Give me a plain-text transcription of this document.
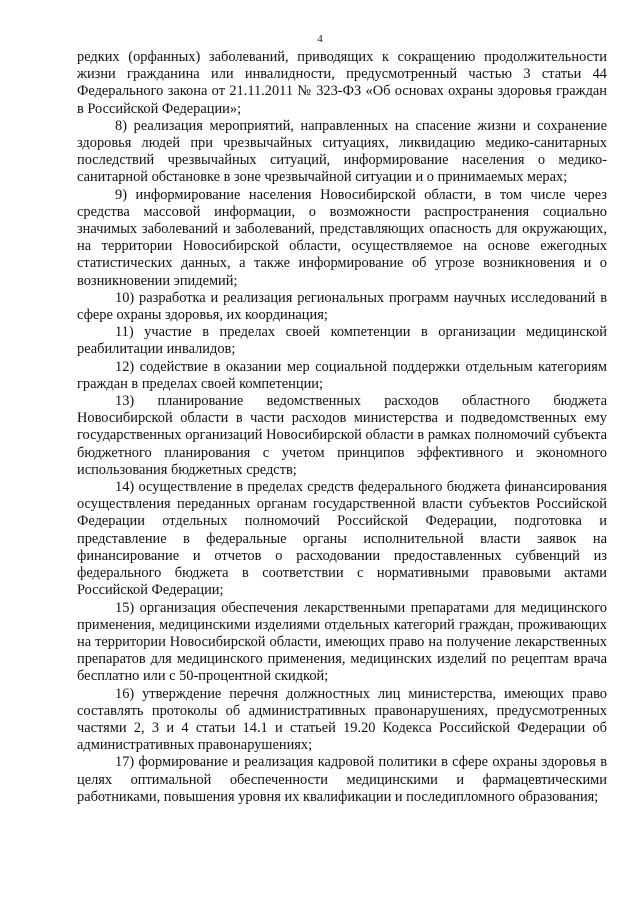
4

редких (орфанных) заболеваний, приводящих к сокращению продолжительности жизни гражданина или инвалидности, предусмотренный частью 3 статьи 44 Федерального закона от 21.11.2011 № 323-ФЗ «Об основах охраны здоровья граждан в Российской Федерации»;

8) реализация мероприятий, направленных на спасение жизни и сохранение здоровья людей при чрезвычайных ситуациях, ликвидацию медико-санитарных последствий чрезвычайных ситуаций, информирование населения о медико-санитарной обстановке в зоне чрезвычайной ситуации и о принимаемых мерах;

9) информирование населения Новосибирской области, в том числе через средства массовой информации, о возможности распространения социально значимых заболеваний и заболеваний, представляющих опасность для окружающих, на территории Новосибирской области, осуществляемое на основе ежегодных статистических данных, а также информирование об угрозе возникновения и о возникновении эпидемий;

10) разработка и реализация региональных программ научных исследований в сфере охраны здоровья, их координация;

11) участие в пределах своей компетенции в организации медицинской реабилитации инвалидов;

12) содействие в оказании мер социальной поддержки отдельным категориям граждан в пределах своей компетенции;

13) планирование ведомственных расходов областного бюджета Новосибирской области в части расходов министерства и подведомственных ему государственных организаций Новосибирской области в рамках полномочий субъекта бюджетного планирования с учетом принципов эффективного и экономного использования бюджетных средств;

14) осуществление в пределах средств федерального бюджета финансирования осуществления переданных органам государственной власти субъектов Российской Федерации отдельных полномочий Российской Федерации, подготовка и представление в федеральные органы исполнительной власти заявок на финансирование и отчетов о расходовании предоставленных субвенций из федерального бюджета в соответствии с нормативными правовыми актами Российской Федерации;

15) организация обеспечения лекарственными препаратами для медицинского применения, медицинскими изделиями отдельных категорий граждан, проживающих на территории Новосибирской области, имеющих право на получение лекарственных препаратов для медицинского применения, медицинских изделий по рецептам врача бесплатно или с 50-процентной скидкой;

16) утверждение перечня должностных лиц министерства, имеющих право составлять протоколы об административных правонарушениях, предусмотренных частями 2, 3 и 4 статьи 14.1 и статьей 19.20 Кодекса Российской Федерации об административных правонарушениях;

17) формирование и реализация кадровой политики в сфере охраны здоровья в целях оптимальной обеспеченности медицинскими и фармацевтическими работниками, повышения уровня их квалификации и последипломного образования;
